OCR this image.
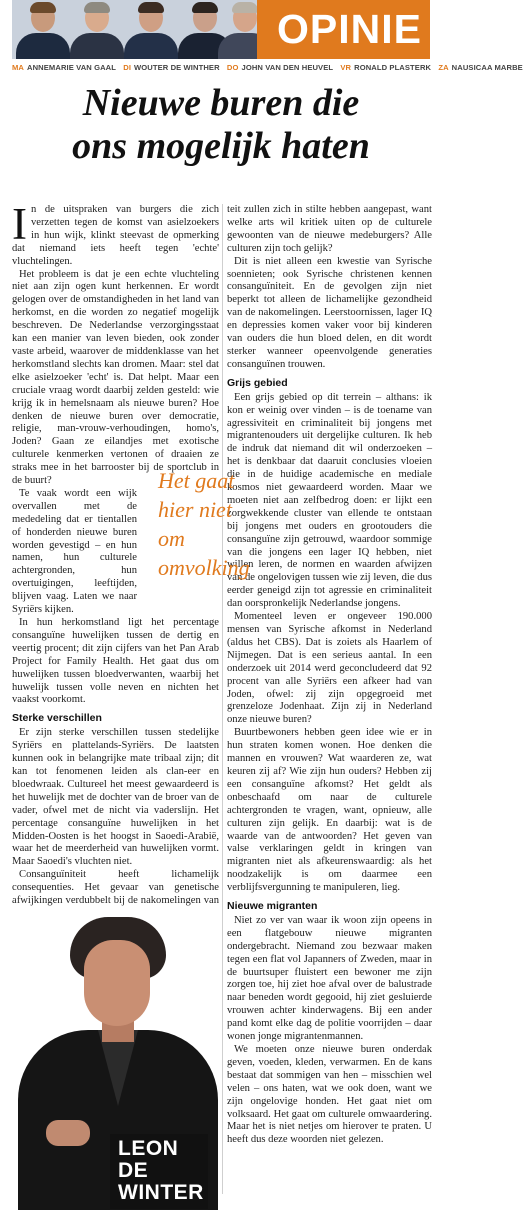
OPINIE
MA ANNEMARIE VAN GAAL DI WOUTER DE WINTHER DO JOHN VAN DEN HEUVEL VR RONALD PLASTERK ZA NAUSICAA MARBE
Nieuwe buren die
ons mogelijk haten

In de uitspraken van burgers die zich verzetten tegen de komst van asielzoekers in hun wijk, klinkt steevast de opmerking dat niemand iets heeft tegen 'echte' vluchtelingen.

Het probleem is dat je een echte vluchteling niet aan zijn ogen kunt herkennen. Er wordt gelogen over de omstandigheden in het land van herkomst, en die worden zo negatief mogelijk beschreven. De Nederlandse verzorgingsstaat kan een manier van leven bieden, ook zonder vaste arbeid, waarover de middenklasse van het herkomstland slechts kan dromen. Maar: stel dat elke asielzoeker 'echt' is. Dat helpt. Maar een cruciale vraag wordt daarbij zelden gesteld: wie krijg ik in hemelsnaam als nieuwe buren? Hoe denken de nieuwe buren over democratie, religie, man-vrouw-verhoudingen, homo's, Joden? Gaan ze eilandjes met exotische culturele kenmerken vertonen of draaien ze straks mee in het barrooster bij de sportclub in de buurt?

Te vaak wordt een wijk overvallen met de mededeling dat er tientallen of honderden nieuwe buren worden gevestigd – en hun namen, hun culturele achtergronden, hun overtuigingen, leeftijden, blijven vaag. Laten we naar Syriërs kijken.

In hun herkomstland ligt het percentage consanguïne huwelijken tussen de dertig en veertig procent; dit zijn cijfers van het Pan Arab Project for Family Health. Het gaat dus om huwelijken tussen bloedverwanten, waarbij het huwelijk tussen volle neven en nichten het vaakst voorkomt.

Sterke verschillen

Er zijn sterke verschillen tussen stedelijke Syriërs en plattelands-Syriërs. De laatsten kunnen ook in belangrijke mate tribaal zijn; dit kan tot fenomenen leiden als clan-eer en bloedwraak. Cultureel het meest gewaardeerd is het huwelijk met de dochter van de broer van de vader, ofwel met de nicht via vaderslijn. Het percentage consanguïne huwelijken in het Midden-Oosten is het hoogst in Saoedi-Arabië, waar het de meerderheid van huwelijken vormt. Maar Saoedi's vluchten niet.

Consanguïniteit heeft lichamelijk consequenties. Het gevaar van genetische afwijkingen verdubbelt bij de nakomelingen van

teit zullen zich in stilte hebben aangepast, want welke arts wil kritiek uiten op de culturele gewoonten van de nieuwe medeburgers? Alle culturen zijn toch gelijk?

Dit is niet alleen een kwestie van Syrische soennieten; ook Syrische christenen kennen consanguïniteit. En de gevolgen zijn niet beperkt tot alleen de lichamelijke gezondheid van de nakomelingen. Leerstoornissen, lager IQ en depressies komen vaker voor bij kinderen van ouders die hun bloed delen, en dit wordt sterker wanneer opeenvolgende generaties consanguïnen trouwen.

Grijs gebied

Een grijs gebied op dit terrein – althans: ik kon er weinig over vinden – is de toename van agressiviteit en criminaliteit bij jongens met migrantenouders uit dergelijke culturen. Ik heb de indruk dat niemand dit wil onderzoeken – het is denkbaar dat daaruit conclusies vloeien die in de huidige academische en mediale kosmos niet gewaardeerd worden. Maar we moeten niet aan zelfbedrog doen: er lijkt een zorgwekkende cluster van ellende te ontstaan bij jongens met ouders en grootouders die consanguïne zijn getrouwd, waardoor sommige van die jongens een lager IQ hebben, niet willen leren, de normen en waarden afwijzen van de ongelovigen tussen wie zij leven, die dus eerder geneigd zijn tot agressie en criminaliteit dan oorspronkelijk Nederlandse jongens.

Momenteel leven er ongeveer 190.000 mensen van Syrische afkomst in Nederland (aldus het CBS). Dat is zoiets als Haarlem of Nijmegen. Dat is een serieus aantal. In een onderzoek uit 2014 werd geconcludeerd dat 92 procent van alle Syriërs een afkeer had van Joden, ofwel: zij zijn opgegroeid met grenzeloze Jodenhaat. Zijn zij in Nederland onze nieuwe buren?

Buurtbewoners hebben geen idee wie er in hun straten komen wonen. Hoe denken die mannen en vrouwen? Wat waarderen ze, wat keuren zij af? Wie zijn hun ouders? Hebben zij een consanguïne afkomst? Het geldt als onbeschaafd om naar de culturele achtergronden te vragen, want, opnieuw, alle culturen zijn gelijk. En daarbij: wat is de waarde van de antwoorden? Het geven van valse verklaringen geldt in kringen van migranten niet als afkeurenswaardig: als het noodzakelijk is om daarmee een verblijfsvergunning te manipuleren, lieg.

Nieuwe migranten

Niet zo ver van waar ik woon zijn opeens in een flatgebouw nieuwe migranten ondergebracht. Niemand zou bezwaar maken tegen een flat vol Japanners of Zweden, maar in de buurtsuper fluistert een bewoner me zijn zorgen toe, hij ziet hoe afval over de balustrade naar beneden wordt gegooid, hij ziet gesluierde vrouwen achter kinderwagens. Bij een ander pand komt elke dag de politie voorrijden – daar wonen jonge migrantenmannen.

We moeten onze nieuwe buren onderdak geven, voeden, kleden, verwarmen. En de kans bestaat dat sommigen van hen – misschien wel velen – ons haten, wat we ook doen, want we zijn ongelovige honden. Het gaat niet om volksaard. Het gaat om culturele omwaardering. Maar het is niet netjes om hierover te praten. U heeft dus deze woorden niet gelezen.

Het gaat
hier niet
om
omvolking
LEON DE
WINTER
